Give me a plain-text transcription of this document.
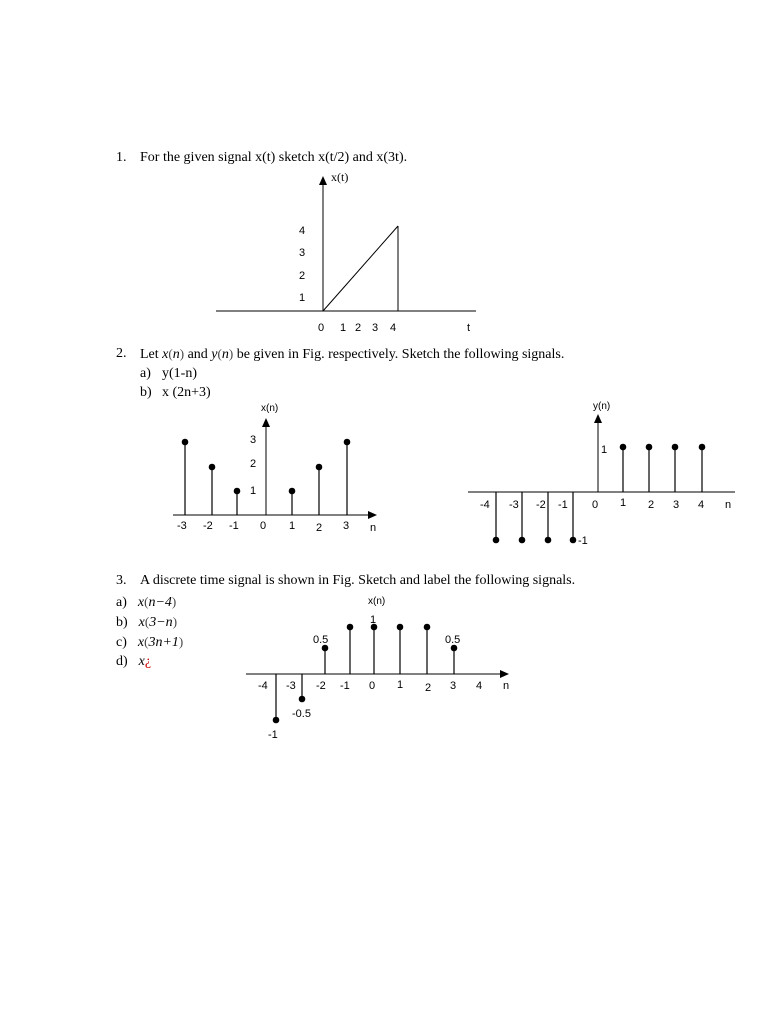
1. For the given signal x(t) sketch x(t/2) and x(3t).
x(t)
4
3
2
1
0 1 2 3 4	t
2. Let x(n) and y(n) be given in Fig. respectively. Sketch the following signals.
a) y(1-n)
b) x (2n+3)
x(n)
3
2
1
-3 -2 -1 0 1 2 3 n
y(n)
1
-1
-4 -3 -2 -1 0 1 2 3 4 n
3. A discrete time signal is shown in Fig. Sketch and label the following signals.
a) x(n−4)
b) x(3−n)
c) x(3n+1)
d) x¿
x(n)
0.5
1
0.5
-0.5
-1
-4 -3 -2 -1 0 1 2 3 4 n
